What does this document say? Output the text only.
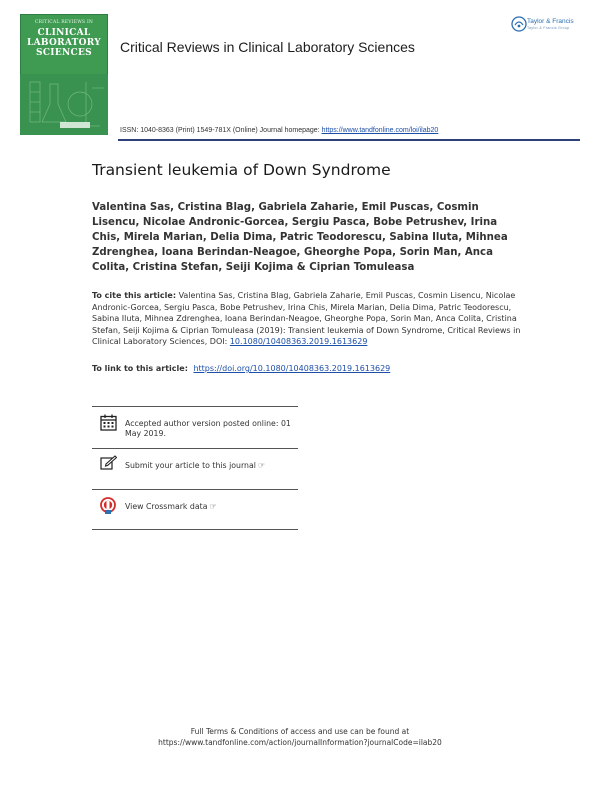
CRITICAL REVIEWS IN
CLINICAL
LABORATORY
SCIENCES	Critical Reviews in Clinical Laboratory Sciences
Taylor & Francis
Taylor & Francis Group
ISSN: 1040-8363 (Print) 1549-781X (Online) Journal homepage: https://www.tandfonline.com/loi/ilab20
Transient leukemia of Down Syndrome
Valentina Sas, Cristina Blag, Gabriela Zaharie, Emil Puscas, Cosmin Lisencu, Nicolae Andronic-Gorcea, Sergiu Pasca, Bobe Petrushev, Irina Chis, Mirela Marian, Delia Dima, Patric Teodorescu, Sabina Iluta, Mihnea Zdrenghea, Ioana Berindan-Neagoe, Gheorghe Popa, Sorin Man, Anca Colita, Cristina Stefan, Seiji Kojima & Ciprian Tomuleasa
To cite this article: Valentina Sas, Cristina Blag, Gabriela Zaharie, Emil Puscas, Cosmin Lisencu, Nicolae Andronic-Gorcea, Sergiu Pasca, Bobe Petrushev, Irina Chis, Mirela Marian, Delia Dima, Patric Teodorescu, Sabina Iluta, Mihnea Zdrenghea, Ioana Berindan-Neagoe, Gheorghe Popa, Sorin Man, Anca Colita, Cristina Stefan, Seiji Kojima & Ciprian Tomuleasa (2019): Transient leukemia of Down Syndrome, Critical Reviews in Clinical Laboratory Sciences, DOI: 10.1080/10408363.2019.1613629
To link to this article: https://doi.org/10.1080/10408363.2019.1613629
Accepted author version posted online: 01
May 2019.
Submit your article to this journal ☞
View Crossmark data ☞
Full Terms & Conditions of access and use can be found at
https://www.tandfonline.com/action/journalInformation?journalCode=ilab20
